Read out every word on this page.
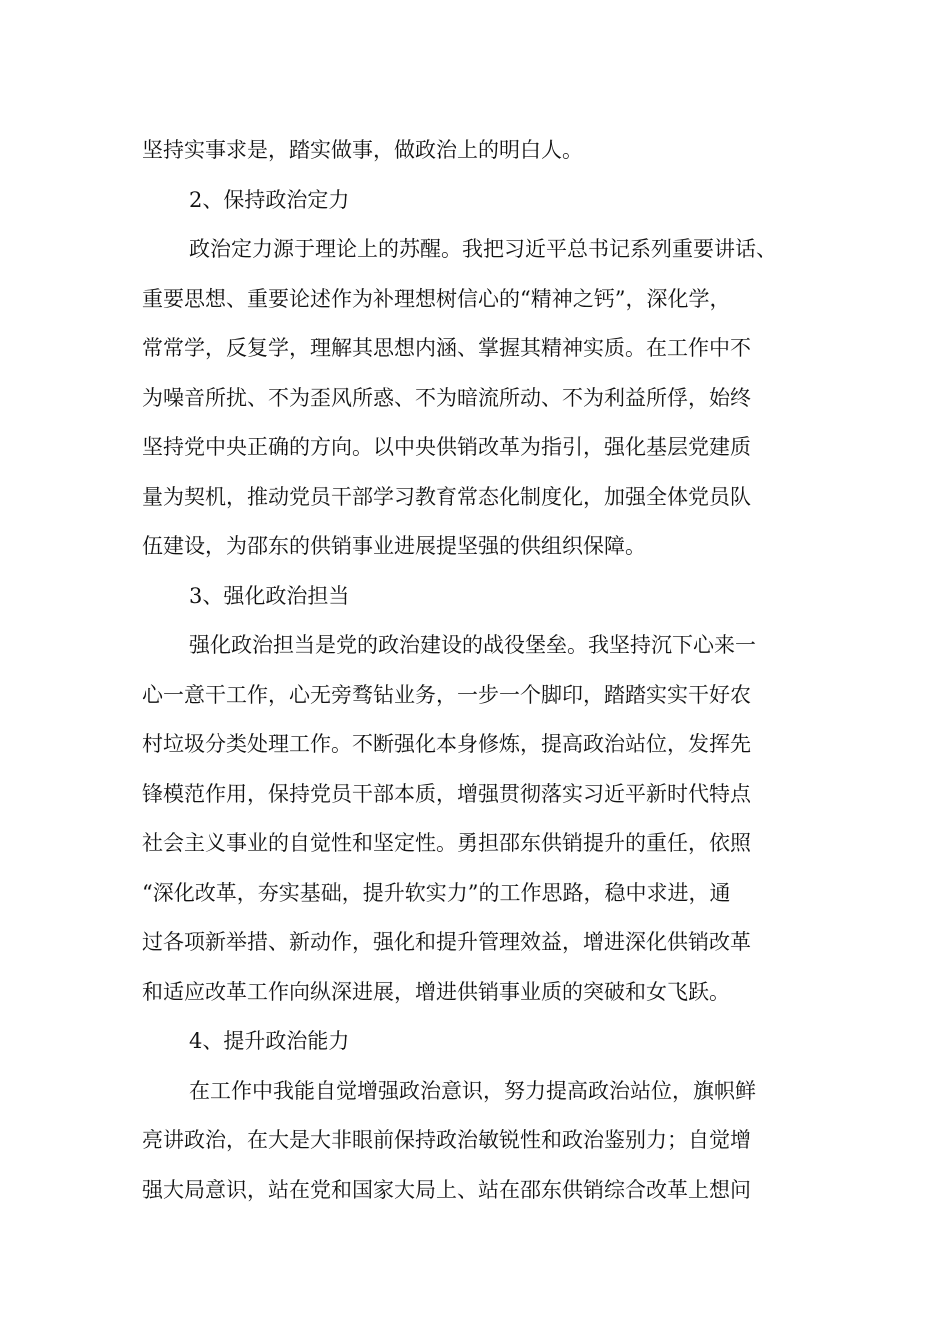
坚持实事求是，踏实做事，做政治上的明白人。
2、保持政治定力
政治定力源于理论上的苏醒。我把习近平总书记系列重要讲话、
重要思想、重要论述作为补理想树信心的“精神之钙”，深化学，
常常学，反复学，理解其思想内涵、掌握其精神实质。在工作中不
为噪音所扰、不为歪风所惑、不为暗流所动、不为利益所俘，始终
坚持党中央正确的方向。以中央供销改革为指引，强化基层党建质
量为契机，推动党员干部学习教育常态化制度化，加强全体党员队
伍建设，为邵东的供销事业进展提坚强的供组织保障。
3、强化政治担当
强化政治担当是党的政治建设的战役堡垒。我坚持沉下心来一
心一意干工作，心无旁骛钻业务，一步一个脚印，踏踏实实干好农
村垃圾分类处理工作。不断强化本身修炼，提高政治站位，发挥先
锋模范作用，保持党员干部本质，增强贯彻落实习近平新时代特点
社会主义事业的自觉性和坚定性。勇担邵东供销提升的重任，依照
“深化改革，夯实基础，提升软实力”的工作思路，稳中求进，通
过各项新举措、新动作，强化和提升管理效益，增进深化供销改革
和适应改革工作向纵深进展，增进供销事业质的突破和女飞跃。
4、提升政治能力
在工作中我能自觉增强政治意识，努力提高政治站位，旗帜鲜
亮讲政治，在大是大非眼前保持政治敏锐性和政治鉴别力；自觉增
强大局意识，站在党和国家大局上、站在邵东供销综合改革上想问
